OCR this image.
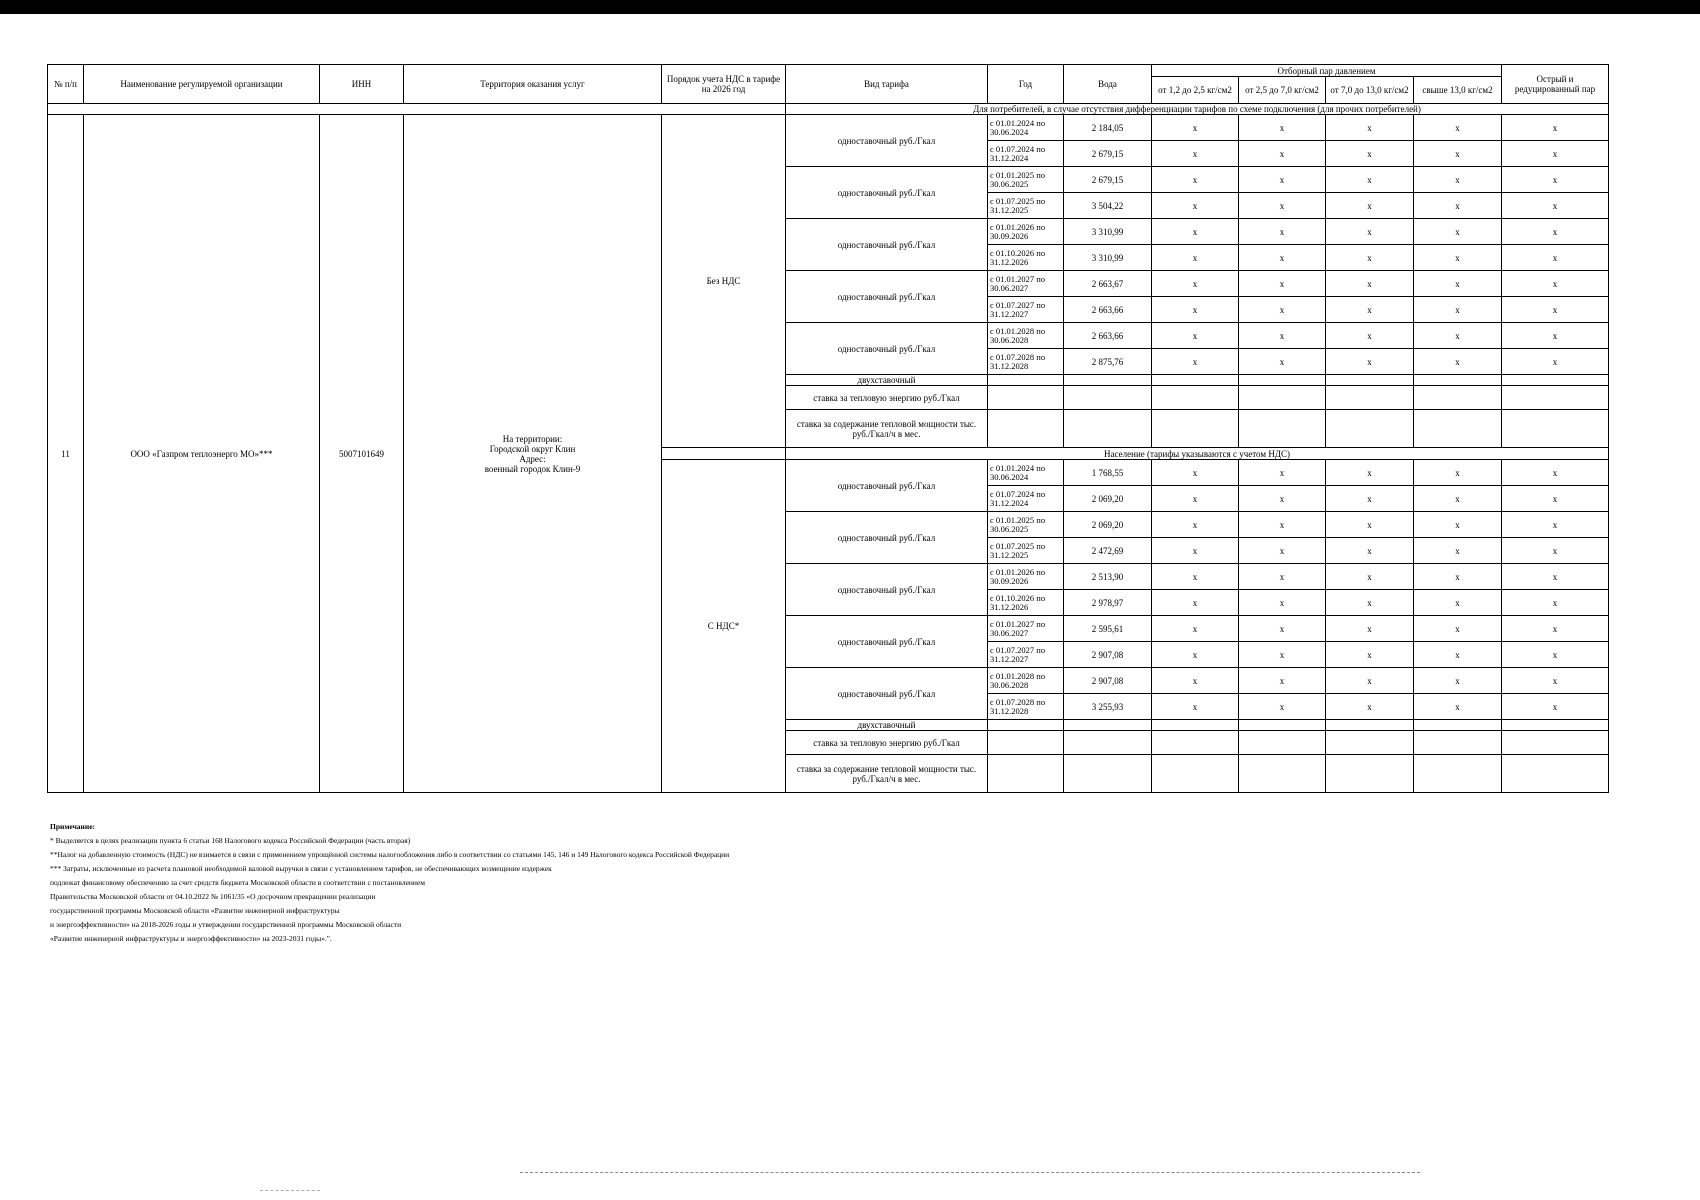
№ п/п	Наименование регулируемой организации	ИНН	Территория оказания услуг	Порядок учета НДС в тарифе на 2026 год	Вид тарифа	Год	Вода	Отборный пар давлением				Острый и редуцированный пар
								от 1,2 до 2,5 кг/см2	от 2,5 до 7,0 кг/см2	от 7,0 до 13,0 кг/см2	свыше 13,0 кг/см2	
					Для потребителей, в случае отсутствия дифференциации тарифов по схеме подключения (для прочих потребителей)							
11	ООО «Газпром теплоэнерго МО»***	5007101649	На территории:
Городской округ Клин
Адрес:
военный городок Клин-9	Без НДС	одноставочный руб./Гкал	с 01.01.2024 по 30.06.2024	2 184,05	x	x	x	x	x
						с 01.07.2024 по 31.12.2024	2 679,15	x	x	x	x	x
					одноставочный руб./Гкал	с 01.01.2025 по 30.06.2025	2 679,15	x	x	x	x	x
						с 01.07.2025 по 31.12.2025	3 504,22	x	x	x	x	x
					одноставочный руб./Гкал	с 01.01.2026 по 30.09.2026	3 310,99	x	x	x	x	x
						с 01.10.2026 по 31.12.2026	3 310,99	x	x	x	x	x
					одноставочный руб./Гкал	с 01.01.2027 по 30.06.2027	2 663,67	x	x	x	x	x
						с 01.07.2027 по 31.12.2027	2 663,66	x	x	x	x	x
					одноставочный руб./Гкал	с 01.01.2028 по 30.06.2028	2 663,66	x	x	x	x	x
						с 01.07.2028 по 31.12.2028	2 875,76	x	x	x	x	x
					двухставочный							
					ставка за тепловую энергию руб./Гкал							
					ставка за содержание тепловой мощности тыс. руб./Гкал/ч в мес.							
					Население (тарифы указываются с учетом НДС)							
				С НДС*	одноставочный руб./Гкал	с 01.01.2024 по 30.06.2024	1 768,55	x	x	x	x	x
						с 01.07.2024 по 31.12.2024	2 069,20	x	x	x	x	x
					одноставочный руб./Гкал	с 01.01.2025 по 30.06.2025	2 069,20	x	x	x	x	x
						с 01.07.2025 по 31.12.2025	2 472,69	x	x	x	x	x
					одноставочный руб./Гкал	с 01.01.2026 по 30.09.2026	2 513,90	x	x	x	x	x
						с 01.10.2026 по 31.12.2026	2 978,97	x	x	x	x	x
					одноставочный руб./Гкал	с 01.01.2027 по 30.06.2027	2 595,61	x	x	x	x	x
						с 01.07.2027 по 31.12.2027	2 907,08	x	x	x	x	x
					одноставочный руб./Гкал	с 01.01.2028 по 30.06.2028	2 907,08	x	x	x	x	x
						с 01.07.2028 по 31.12.2028	3 255,93	x	x	x	x	x
					двухставочный							
					ставка за тепловую энергию руб./Гкал							
					ставка за содержание тепловой мощности тыс. руб./Гкал/ч в мес.							
Примечание:
* Выделяется в целях реализации пункта 6 статьи 168 Налогового кодекса Российской Федерации (часть вторая)
**Налог на добавленную стоимость (НДС) не взимается в связи с применением упрощённой системы налогообложения либо в соответствии со статьями 145, 146 и 149 Налогового кодекса Российской Федерации
*** Затраты, исключенные из расчета плановой необходимой валовой выручки в связи с установлением тарифов, не обеспечивающих возмещение издержек
подлежат финансовому обеспечению за счет средств бюджета Московской области в соответствии с постановлением
Правительства Московской области от 04.10.2022 № 1061/35 «О досрочном прекращении реализации
государственной программы Московской области «Развитие инженерной инфраструктуры
и энергоэффективности» на 2018-2026 годы и утверждении государственной программы Московской области
«Развитие инженерной инфраструктуры и энергоэффективности» на 2023-2031 годы».".
